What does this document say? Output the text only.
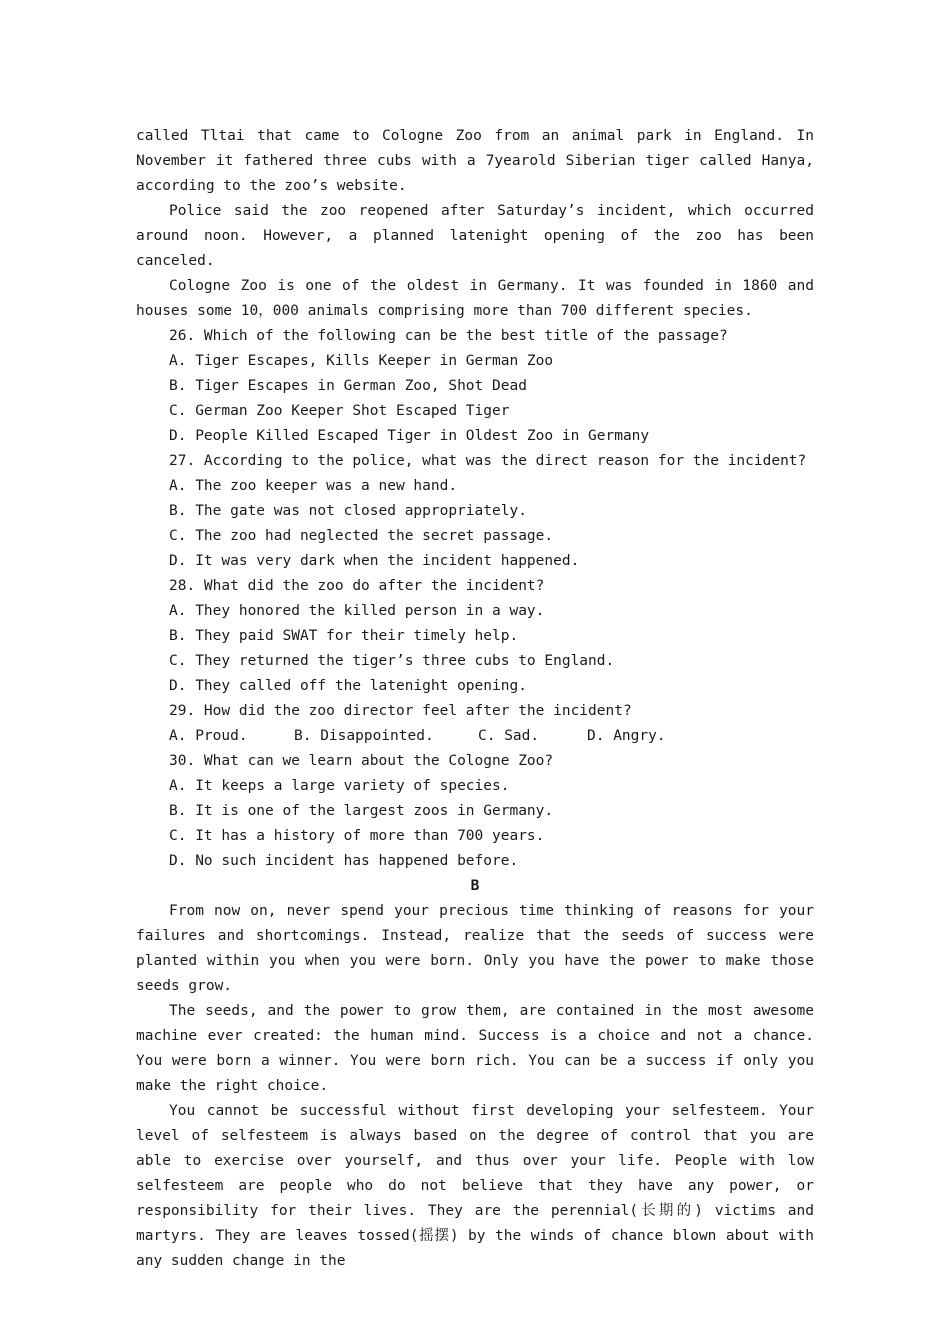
called Tltai that came to Cologne Zoo from an animal park in England. In November it fathered three cubs with a 7yearold Siberian tiger called Hanya, according to the zoo’s website.

Police said the zoo reopened after Saturday’s incident, which occurred around noon. However, a planned latenight opening of the zoo has been canceled.

Cologne Zoo is one of the oldest in Germany. It was founded in 1860 and houses some 10，000 animals comprising more than 700 different species.

26. Which of the following can be the best title of the passage?

A. Tiger Escapes, Kills Keeper in German Zoo

B. Tiger Escapes in German Zoo, Shot Dead

C. German Zoo Keeper Shot Escaped Tiger

D. People Killed Escaped Tiger in Oldest Zoo in Germany

27. According to the police, what was the direct reason for the incident?

A. The zoo keeper was a new hand.

B. The gate was not closed appropriately.

C. The zoo had neglected the secret passage.

D. It was very dark when the incident happened.

28. What did the zoo do after the incident?

A. They honored the killed person in a way.

B. They paid SWAT for their timely help.

C. They returned the tiger’s three cubs to England.

D. They called off the latenight opening.

29. How did the zoo director feel after the incident?

A. Proud.	B. Disappointed.	C. Sad.	D. Angry.

30. What can we learn about the Cologne Zoo?

A. It keeps a large variety of species.

B. It is one of the largest zoos in Germany.

C. It has a history of more than 700 years.

D. No such incident has happened before.

B

From now on, never spend your precious time thinking of reasons for your failures and shortcomings. Instead, realize that the seeds of success were planted within you when you were born. Only you have the power to make those seeds grow.

The seeds, and the power to grow them, are contained in the most awesome machine ever created: the human mind. Success is a choice and not a chance. You were born a winner. You were born rich. You can be a success if only you make the right choice.

You cannot be successful without first developing your selfesteem. Your level of selfesteem is always based on the degree of control that you are able to exercise over yourself, and thus over your life. People with low selfesteem are people who do not believe that they have any power, or responsibility for their lives. They are the perennial(长期的) victims and martyrs. They are leaves tossed(摇摆) by the winds of chance blown about with any sudden change in the
